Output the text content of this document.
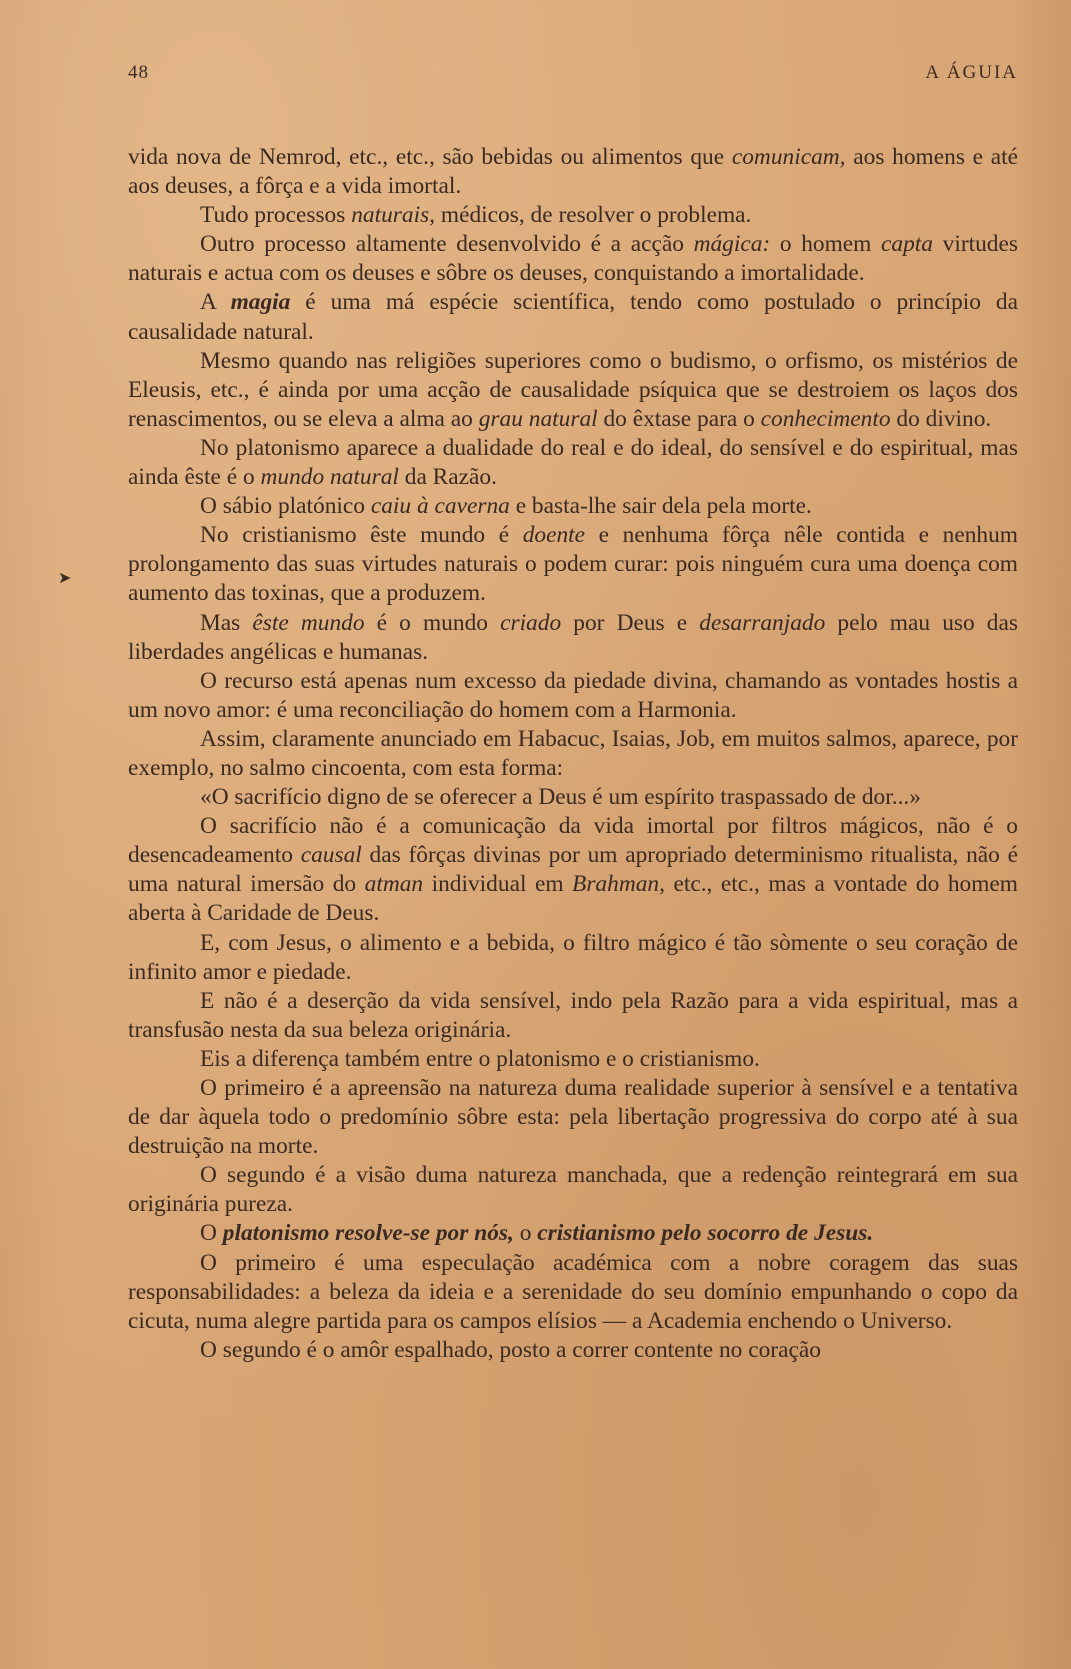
48	A ÁGUIA
➤

vida nova de Nemrod, etc., etc., são bebidas ou alimentos que comunicam, aos homens e até aos deuses, a fôrça e a vida imortal.

Tudo processos naturais, médicos, de resolver o problema.

Outro processo altamente desenvolvido é a acção mágica: o homem capta virtudes naturais e actua com os deuses e sôbre os deuses, conquistando a imortalidade.

A magia é uma má espécie scientífica, tendo como postulado o princípio da causalidade natural.

Mesmo quando nas religiões superiores como o budismo, o orfismo, os mistérios de Eleusis, etc., é ainda por uma acção de causalidade psíquica que se destroiem os laços dos renascimentos, ou se eleva a alma ao grau natural do êxtase para o conhecimento do divino.

No platonismo aparece a dualidade do real e do ideal, do sensível e do espiritual, mas ainda êste é o mundo natural da Razão.

O sábio platónico caiu à caverna e basta-lhe sair dela pela morte.

No cristianismo êste mundo é doente e nenhuma fôrça nêle contida e nenhum prolongamento das suas virtudes naturais o podem curar: pois ninguém cura uma doença com aumento das toxinas, que a produzem.

Mas êste mundo é o mundo criado por Deus e desarranjado pelo mau uso das liberdades angélicas e humanas.

O recurso está apenas num excesso da piedade divina, chamando as vontades hostis a um novo amor: é uma reconciliação do homem com a Harmonia.

Assim, claramente anunciado em Habacuc, Isaias, Job, em muitos salmos, aparece, por exemplo, no salmo cincoenta, com esta forma:

«O sacrifício digno de se oferecer a Deus é um espírito traspassado de dor...»

O sacrifício não é a comunicação da vida imortal por filtros mágicos, não é o desencadeamento causal das fôrças divinas por um apropriado determinismo ritualista, não é uma natural imersão do atman individual em Brahman, etc., etc., mas a vontade do homem aberta à Caridade de Deus.

E, com Jesus, o alimento e a bebida, o filtro mágico é tão sòmente o seu coração de infinito amor e piedade.

E não é a deserção da vida sensível, indo pela Razão para a vida espiritual, mas a transfusão nesta da sua beleza originária.

Eis a diferença também entre o platonismo e o cristianismo.

O primeiro é a apreensão na natureza duma realidade superior à sensível e a tentativa de dar àquela todo o predomínio sôbre esta: pela libertação progressiva do corpo até à sua destruição na morte.

O segundo é a visão duma natureza manchada, que a redenção reintegrará em sua originária pureza.

O platonismo resolve-se por nós, o cristianismo pelo socorro de Jesus.

O primeiro é uma especulação académica com a nobre coragem das suas responsabilidades: a beleza da ideia e a serenidade do seu domínio empunhando o copo da cicuta, numa alegre partida para os campos elísios — a Academia enchendo o Universo.

O segundo é o amôr espalhado, posto a correr contente no coração
